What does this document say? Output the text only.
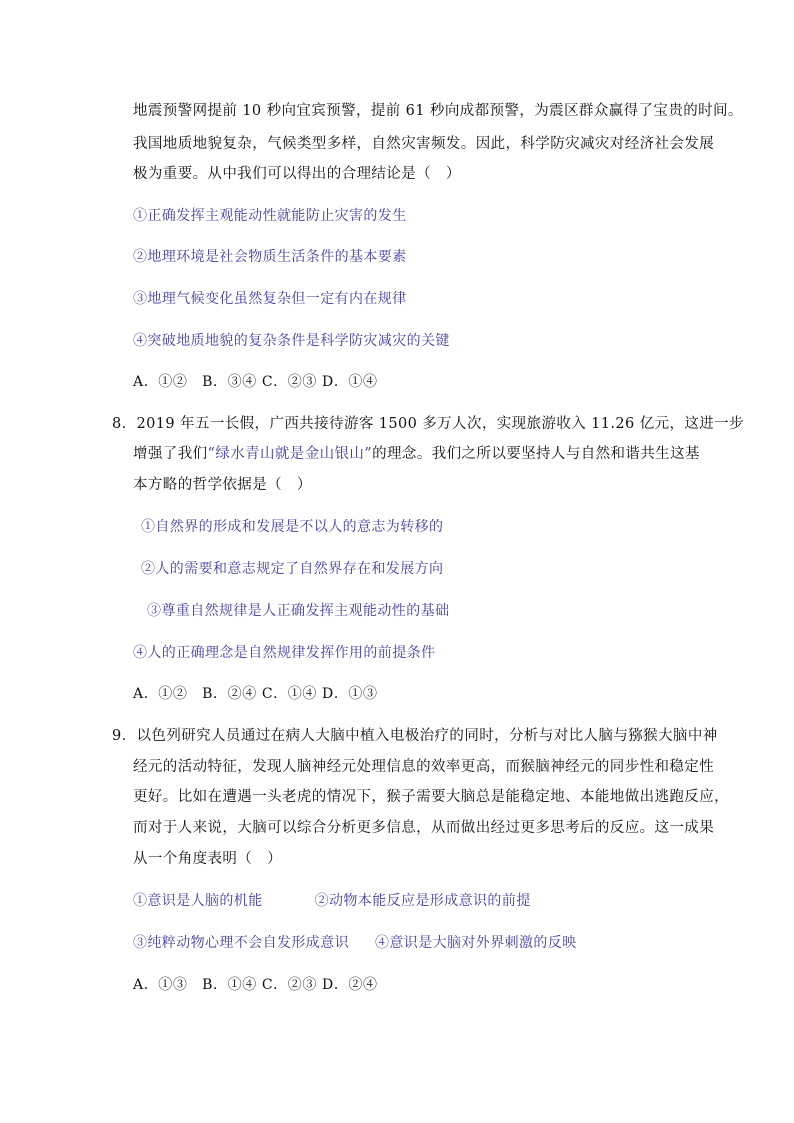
地震预警网提前 10 秒向宜宾预警，提前 61 秒向成都预警，为震区群众赢得了宝贵的时间。
我国地质地貌复杂，气候类型多样，自然灾害频发。因此，科学防灾减灾对经济社会发展
极为重要。从中我们可以得出的合理结论是（　）
①正确发挥主观能动性就能防止灾害的发生
②地理环境是社会物质生活条件的基本要素
③地理气候变化虽然复杂但一定有内在规律
④突破地质地貌的复杂条件是科学防灾减灾的关键
A．①②　B．③④ C．②③ D．①④
8．2019 年五一长假，广西共接待游客 1500 多万人次，实现旅游收入 11.26 亿元，这进一步
增强了我们“绿水青山就是金山银山”的理念。我们之所以要坚持人与自然和谐共生这基
本方略的哲学依据是（　）
①自然界的形成和发展是不以人的意志为转移的
②人的需要和意志规定了自然界存在和发展方向
③尊重自然规律是人正确发挥主观能动性的基础
④人的正确理念是自然规律发挥作用的前提条件
A．①②　B．②④ C．①④ D．①③
9．以色列研究人员通过在病人大脑中植入电极治疗的同时，分析与对比人脑与猕猴大脑中神
经元的活动特征，发现人脑神经元处理信息的效率更高，而猴脑神经元的同步性和稳定性
更好。比如在遭遇一头老虎的情况下，猴子需要大脑总是能稳定地、本能地做出逃跑反应，
而对于人来说，大脑可以综合分析更多信息，从而做出经过更多思考后的反应。这一成果
从一个角度表明（　）
①意识是人脑的机能	②动物本能反应是形成意识的前提
③纯粹动物心理不会自发形成意识 ④意识是大脑对外界刺激的反映
A．①③　B．①④ C．②③ D．②④
